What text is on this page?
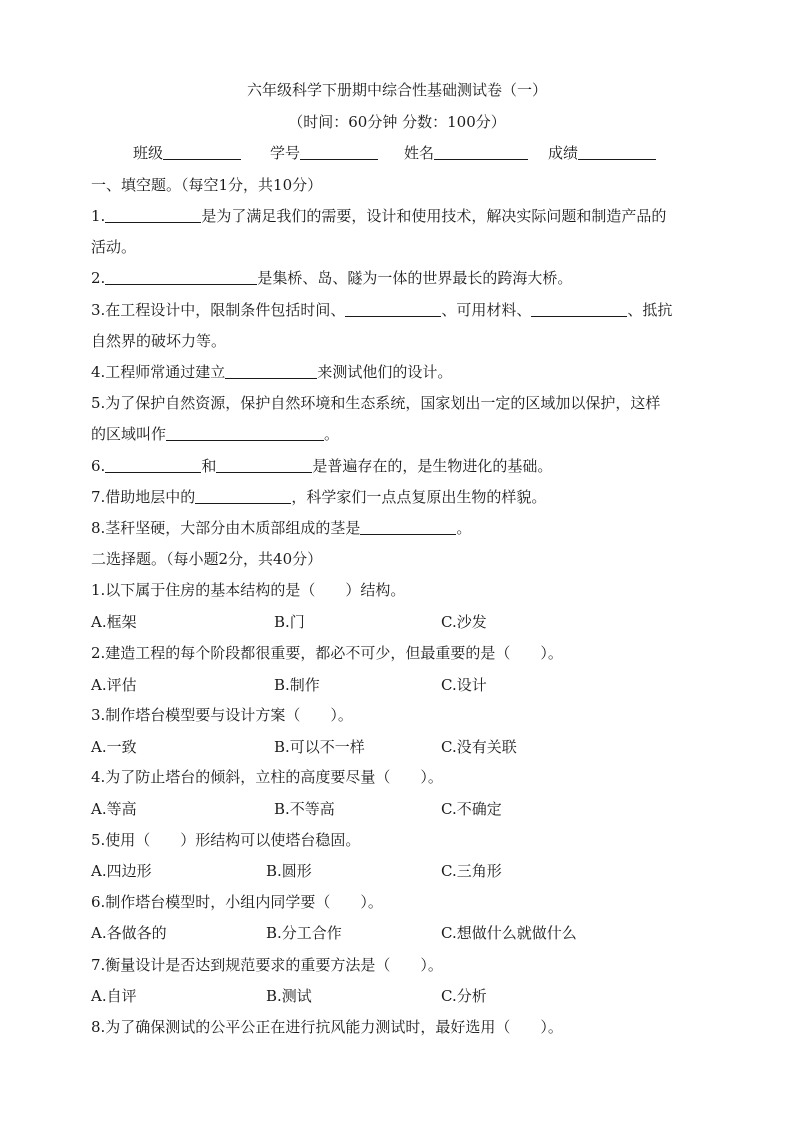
六年级科学下册期中综合性基础测试卷（一）
（时间：60分钟 分数：100分）
班级	学号	姓名	成绩
一、填空题。（每空1分，共10分）
1.	是为了满足我们的需要，设计和使用技术，解决实际问题和制造产品的
活动。
2.	是集桥、岛、隧为一体的世界最长的跨海大桥。
3.在工程设计中，限制条件包括时间、	、可用材料、	、抵抗
自然界的破坏力等。
4.工程师常通过建立	来测试他们的设计。
5.为了保护自然资源，保护自然环境和生态系统，国家划出一定的区域加以保护，这样
的区域叫作	。
6.	和	是普遍存在的，是生物进化的基础。
7.借助地层中的	，科学家们一点点复原出生物的样貌。
8.茎秆坚硬，大部分由木质部组成的茎是	。
二选择题。（每小题2分，共40分）
1.以下属于住房的基本结构的是（　　）结构。
A.框架	B.门	C.沙发
2.建造工程的每个阶段都很重要，都必不可少，但最重要的是（　　）。
A.评估	B.制作	C.设计
3.制作塔台模型要与设计方案（　　）。
A.一致	B.可以不一样	C.没有关联
4.为了防止塔台的倾斜，立柱的高度要尽量（　　）。
A.等高	B.不等高	C.不确定
5.使用（　　）形结构可以使塔台稳固。
A.四边形	B.圆形	C.三角形
6.制作塔台模型时，小组内同学要（　　）。
A.各做各的	B.分工合作	C.想做什么就做什么
7.衡量设计是否达到规范要求的重要方法是（　　）。
A.自评	B.测试	C.分析
8.为了确保测试的公平公正在进行抗风能力测试时，最好选用（　　）。
